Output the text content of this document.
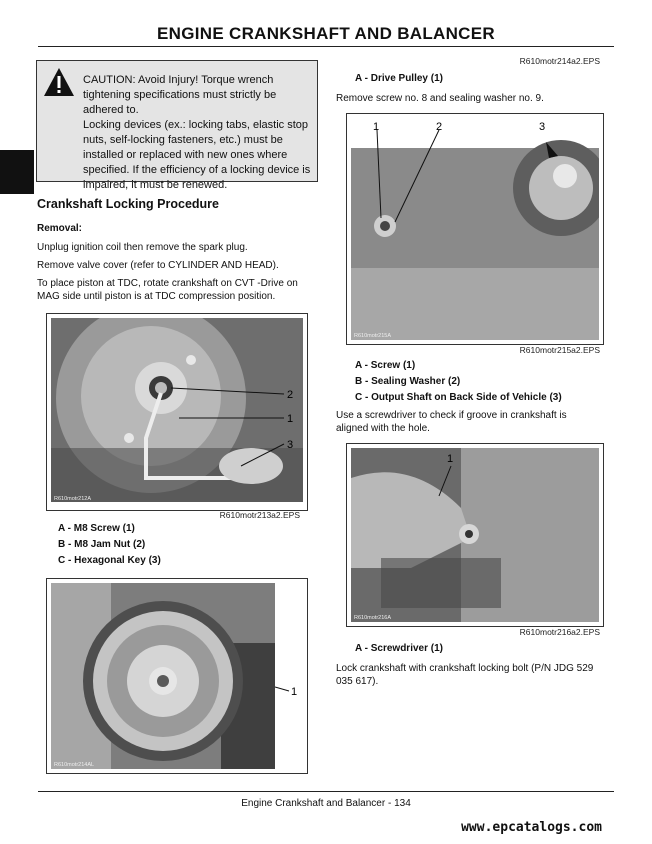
ENGINE CRANKSHAFT AND BALANCER
CAUTION: Avoid Injury! Torque wrench
tightening specifications must strictly be
adhered to.
Locking devices (ex.: locking tabs, elastic stop
nuts, self-locking fasteners, etc.) must be
installed or replaced with new ones where
specified. If the efficiency of a locking device is
impaired, it must be renewed.
Crankshaft Locking Procedure
Removal:
Unplug ignition coil then remove the spark plug.
Remove valve cover (refer to CYLINDER AND HEAD).
To place piston at TDC, rotate crankshaft on CVT -Drive on
MAG side until piston is at TDC compression position.
2
1
3
R610motr212A
R610motr213a2.EPS
A - M8 Screw (1)
B - M8 Jam Nut (2)
C - Hexagonal Key (3)
R610motr214AL
1
R610motr214a2.EPS
A - Drive Pulley (1)
Remove screw no. 8 and sealing washer no. 9.
1	2	3
R610motr215A
R610motr215a2.EPS
A - Screw (1)
B - Sealing Washer (2)
C - Output Shaft on Back Side of Vehicle (3)
Use a screwdriver to check if groove in crankshaft is
aligned with the hole.
1
R610motr216A
R610motr216a2.EPS
A - Screwdriver (1)
Lock crankshaft with crankshaft locking bolt (P/N JDG 529
035 617).
Engine Crankshaft and Balancer - 134
www.epcatalogs.com
